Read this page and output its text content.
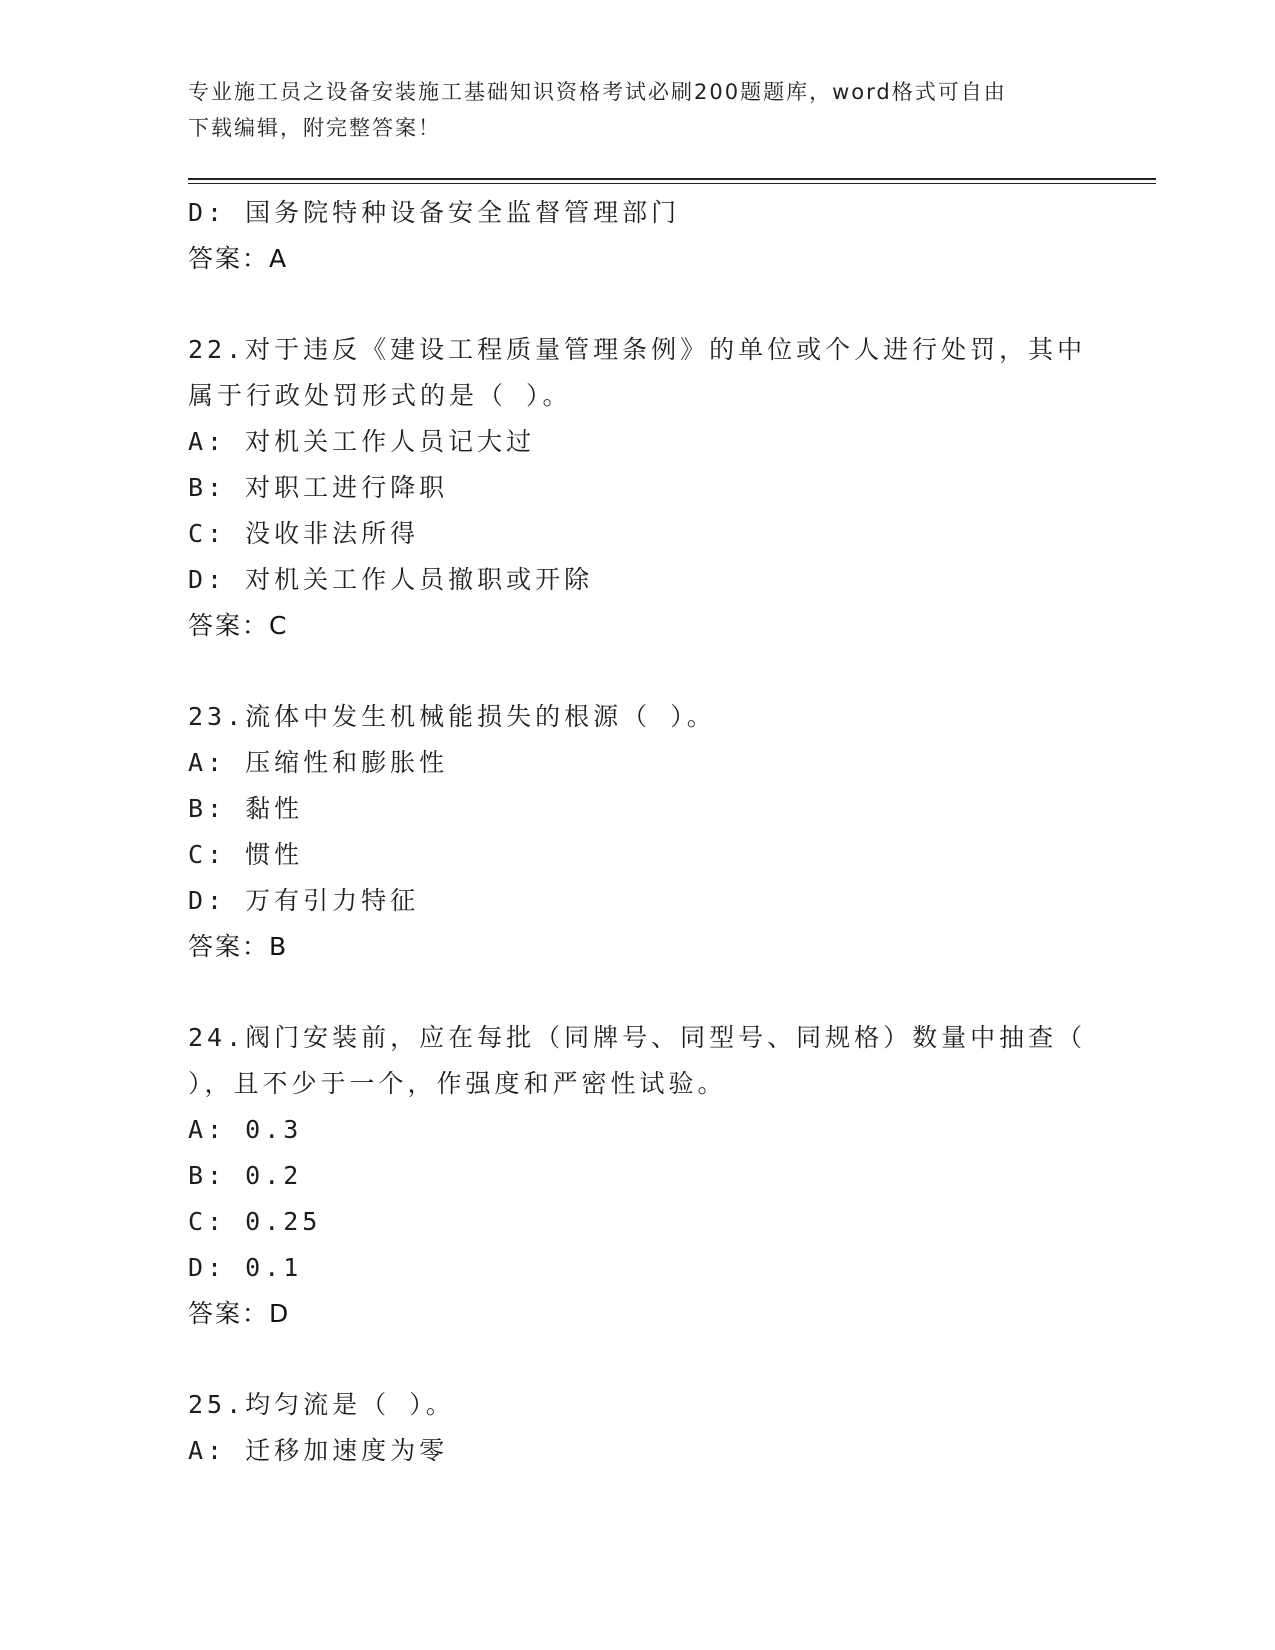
专业施工员之设备安装施工基础知识资格考试必刷200题题库，word格式可自由
下载编辑，附完整答案！
D: 国务院特种设备安全监督管理部门
答案：A
22.对于违反《建设工程质量管理条例》的单位或个人进行处罚，其中
属于行政处罚形式的是（ ）。
A: 对机关工作人员记大过
B: 对职工进行降职
C: 没收非法所得
D: 对机关工作人员撤职或开除
答案：C
23.流体中发生机械能损失的根源（ ）。
A: 压缩性和膨胀性
B: 黏性
C: 惯性
D: 万有引力特征
答案：B
24.阀门安装前，应在每批（同牌号、同型号、同规格）数量中抽查（
），且不少于一个，作强度和严密性试验。
A: 0.3
B: 0.2
C: 0.25
D: 0.1
答案：D
25.均匀流是（ ）。
A: 迁移加速度为零
